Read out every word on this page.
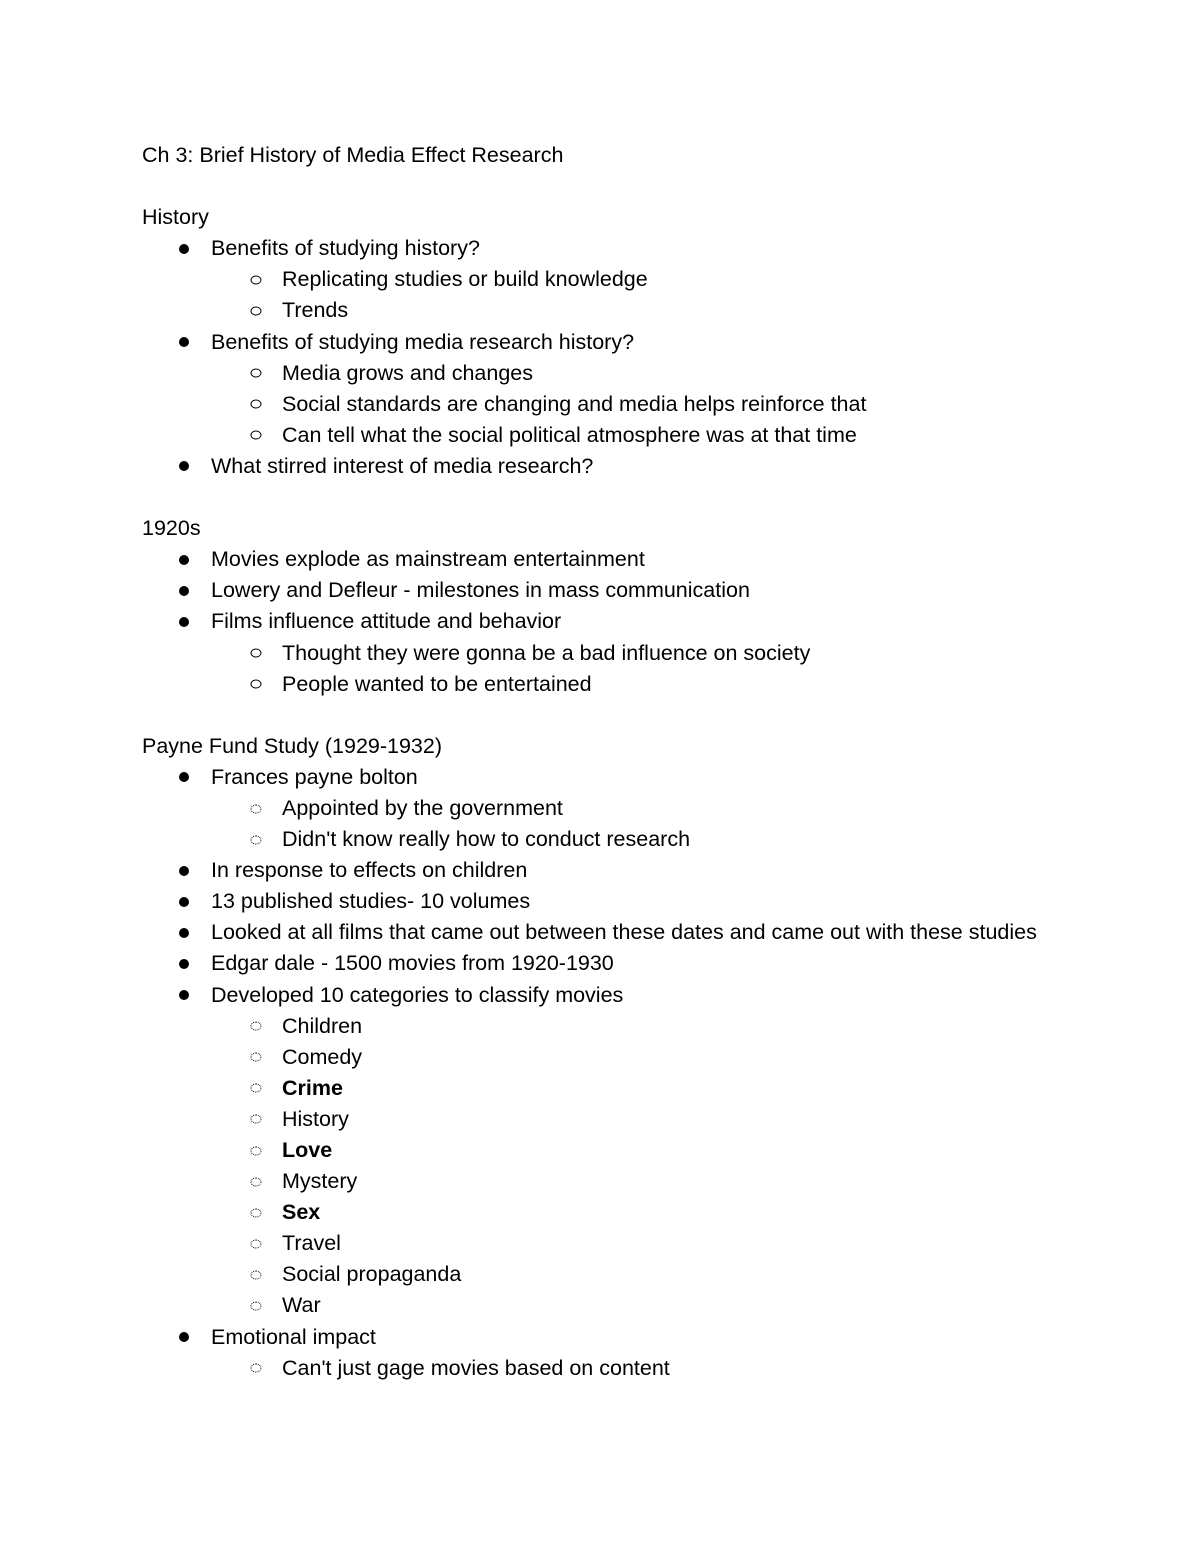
Ch 3: Brief History of Media Effect Research
History
Benefits of studying history?
Replicating studies or build knowledge
Trends
Benefits of studying media research history?
Media grows and changes
Social standards are changing and media helps reinforce that
Can tell what the social political atmosphere was at that time
What stirred interest of media research?
1920s
Movies explode as mainstream entertainment
Lowery and Defleur - milestones in mass communication
Films influence attitude and behavior
Thought they were gonna be a bad influence on society
People wanted to be entertained
Payne Fund Study (1929-1932)
Frances payne bolton
Appointed by the government
Didn't know really how to conduct research
In response to effects on children
13 published studies- 10 volumes
Looked at all films that came out between these dates and came out with these studies
Edgar dale - 1500 movies from 1920-1930
Developed 10 categories to classify movies
Children
Comedy
Crime
History
Love
Mystery
Sex
Travel
Social propaganda
War
Emotional impact
Can't just gage movies based on content
